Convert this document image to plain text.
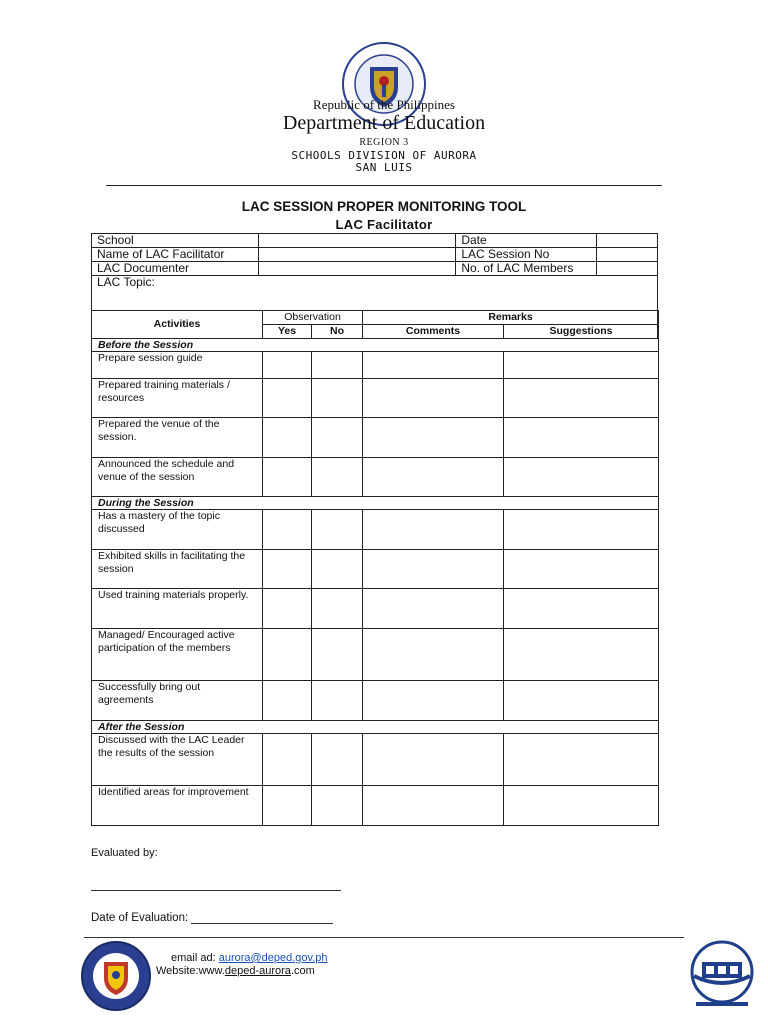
Republic of the Philippines
Department of Education
REGION 3
SCHOOLS DIVISION OF AURORA
SAN LUIS
LAC SESSION PROPER MONITORING TOOL
LAC Facilitator
School		Date	
Name of LAC Facilitator		LAC Session No	
LAC Documenter		No. of LAC Members	
LAC Topic:			
Activities	Observation		Remarks	
	Yes	No	Comments	Suggestions
Before the Session				
Prepare session guide				
Prepared training materials / resources				
Prepared the venue of the session.				
Announced the schedule and venue of the session				
During the Session				
Has a mastery of the topic discussed				
Exhibited skills in facilitating the session				
Used training materials properly.				
Managed/ Encouraged active participation of the members				
Successfully bring out agreements				
After the Session				
Discussed with the LAC Leader the results of the session				
Identified areas for improvement				
Evaluated by:
Date of Evaluation:
email ad: aurora@deped.gov.ph
Website:www.deped-aurora.com
